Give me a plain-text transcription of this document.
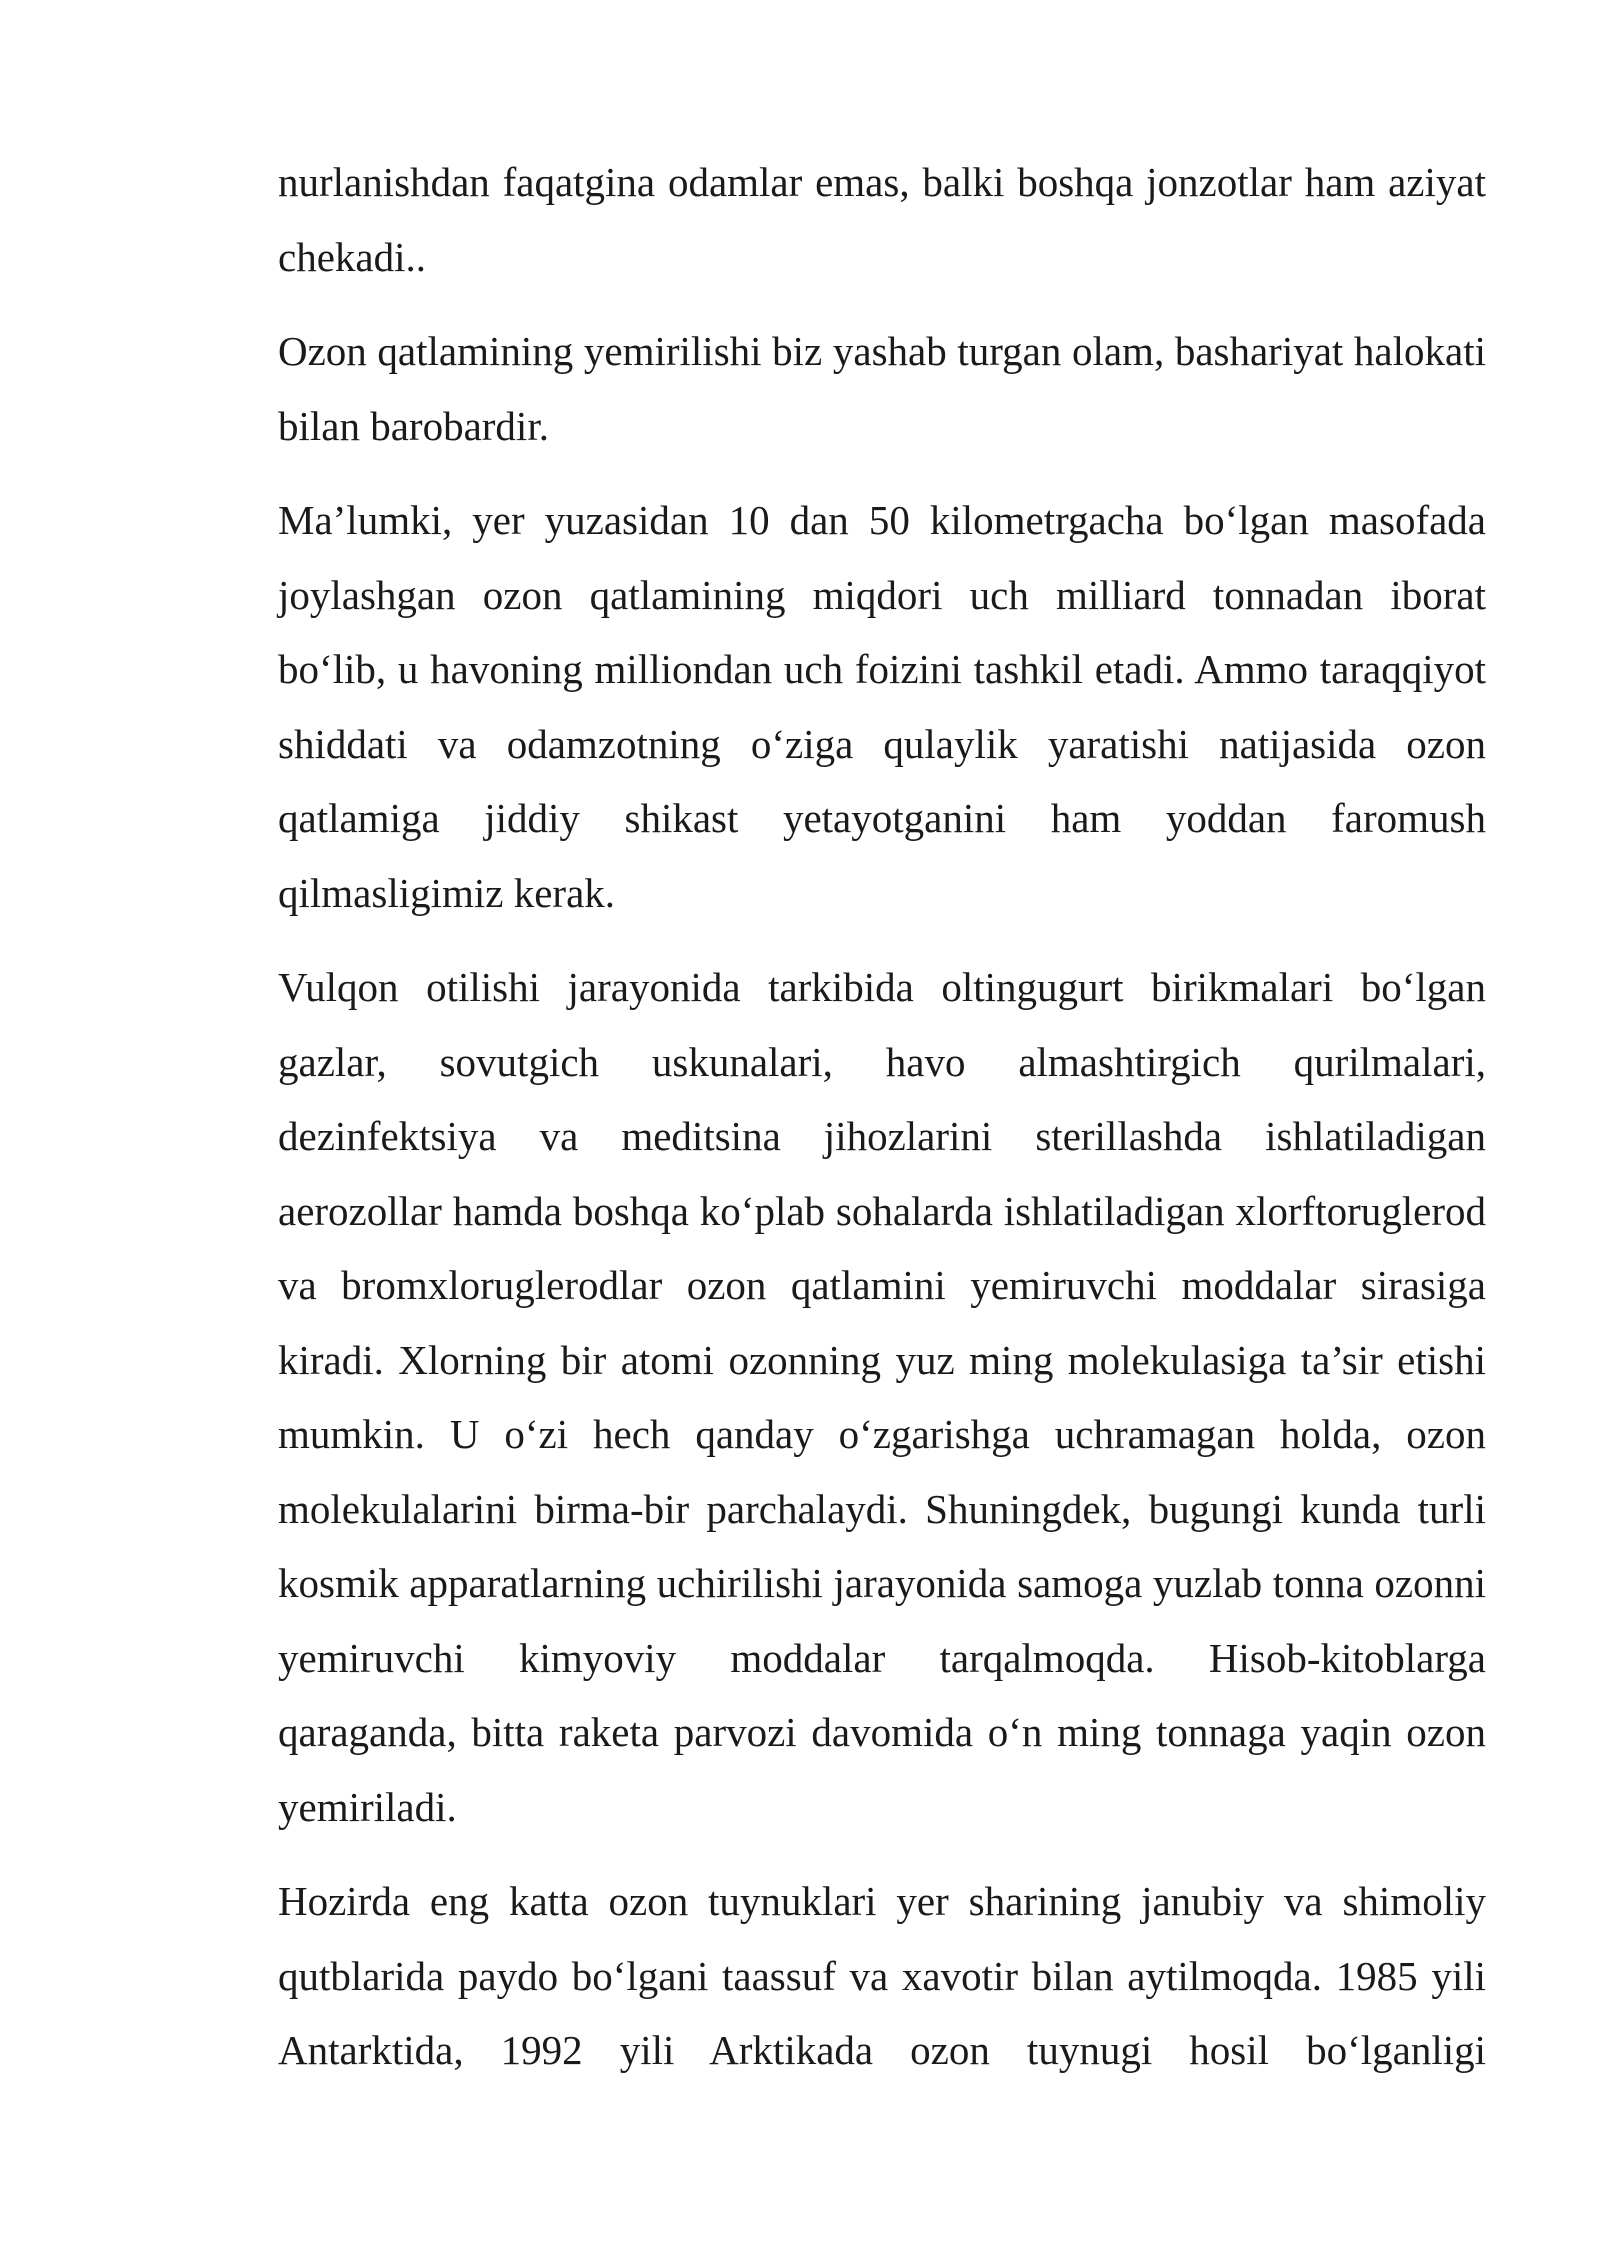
nurlanishdan faqatgina odamlar emas, balki boshqa jonzotlar ham aziyat chekadi..

Ozon qatlamining yemirilishi biz yashab turgan olam, bashariyat halokati bilan barobardir.

Ma’lumki, yer yuzasidan 10 dan 50 kilometrgacha bo‘lgan masofada joylashgan ozon qatlamining miqdori uch milliard tonnadan iborat bo‘lib, u havoning milliondan uch foizini tashkil etadi. Ammo taraqqiyot shiddati va odamzotning o‘ziga qulaylik yaratishi natijasida ozon qatlamiga jiddiy shikast yetayotganini ham yoddan faromush qilmasligimiz kerak.

Vulqon otilishi jarayonida tarkibida oltingugurt birikmalari bo‘lgan gazlar, sovutgich uskunalari, havo almashtirgich qurilmalari, dezinfektsiya va meditsina jihozlarini sterillashda ishlatiladigan aerozollar hamda boshqa ko‘plab sohalarda ishlatiladigan xlorftoruglerod va bromxloruglerodlar ozon qatlamini yemiruvchi moddalar sirasiga kiradi. Xlorning bir atomi ozonning yuz ming molekulasiga ta’sir etishi mumkin. U o‘zi hech qanday o‘zgarishga uchramagan holda, ozon molekulalarini birma-bir parchalaydi. Shuningdek, bugungi kunda turli kosmik apparatlarning uchirilishi jarayonida samoga yuzlab tonna ozonni yemiruvchi kimyoviy moddalar tarqalmoqda. Hisob-kitoblarga qaraganda, bitta raketa parvozi davomida o‘n ming tonnaga yaqin ozon yemiriladi.

Hozirda eng katta ozon tuynuklari yer sharining janubiy va shimoliy qutblarida paydo bo‘lgani taassuf va xavotir bilan aytilmoqda. 1985 yili Antarktida, 1992 yili Arktikada ozon tuynugi hosil bo‘lganligi
